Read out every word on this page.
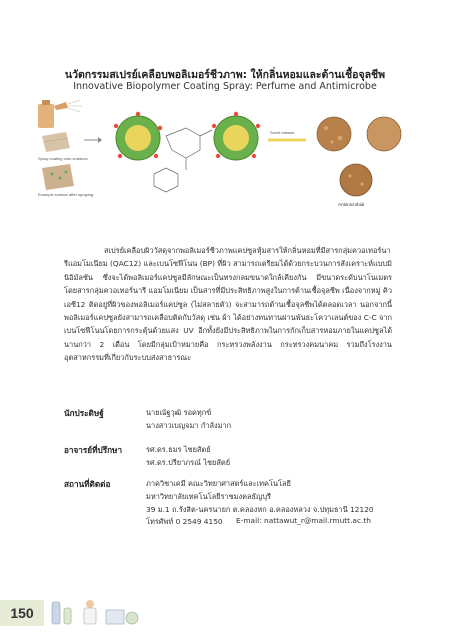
นวัตกรรมสเปรย์เคลือบพอลิเมอร์ชีวภาพ: ให้กลิ่นหอมและต้านเชื้อจุลชีพ
Innovative Biopolymer Coating Spray: Perfume and Antimicrobe
Spray coating onto surfaces
Example surface after spraying
Scent release
Antimicrobial
สเปรย์เคลือบผิววัสดุจากพอลิเมอร์ชีวภาพแคปซูลหุ้มสารให้กลิ่นหอมที่มีสารกลุ่มควอเทอร์นารีแอมโมเนียม (QAC12) และเบนโซฟีโนน (BP) ที่ผิว สามารถเตรียมได้ด้วยกระบวนการสังเคราะห์แบบมินิอิมัลชัน ซึ่งจะได้พอลิเมอร์แคปซูลมีลักษณะเป็นทรงกลมขนาดใกล้เคียงกัน มีขนาดระดับนาโนเมตร โดยสารกลุ่มควอเทอร์นารี แอมโมเนียม เป็นสารที่มีประสิทธิภาพสูงในการต้านเชื้อจุลชีพ เนื่องจากหมู่ คิวเอซี12 ติดอยู่ที่ผิวของพอลิเมอร์แคปซูล (ไม่สลายตัว) จะสามารถต้านเชื้อจุลชีพได้ตลอดเวลา นอกจากนี้ พอลิเมอร์แคปซูลยังสามารถเคลือบติดกับวัสดุ เช่น ผ้า ได้อย่างทนทานผ่านพันธะโควาเลนต์ของ C-C จากเบนโซฟีโนนโดยการกระตุ้นด้วยแสง UV อีกทั้งยังมีประสิทธิภาพในการกักเก็บสารหอมภายในแคปซูลได้นานกว่า 2 เดือน โดยมีกลุ่มเป้าหมายคือ กระทรวงพลังงาน กระทรวงคมนาคม รวมถึงโรงงานอุตสาหกรรมที่เกี่ยวกับระบบส่งสาธารณะ
นักประดิษฐ์	นายณัฐวุฒิ รอดทุกข์
นางสาวเบญจมา กำลังมาก
อาจารย์ที่ปรึกษา	รศ.ดร.ธมร ไชยสัตย์
รศ.ดร.ปรียาภรณ์ ไชยสัตย์
สถานที่ติดต่อ	ภาควิชาเคมี คณะวิทยาศาสตร์และเทคโนโลยี
มหาวิทยาลัยเทคโนโลยีราชมงคลธัญบุรี
39 ม.1 ถ.รังสิต-นครนายก ต.คลองหก อ.คลองหลวง จ.ปทุมธานี 12120
โทรศัพท์ 0 2549 4150 E-mail: nattawut_r@mail.rmutt.ac.th
150
